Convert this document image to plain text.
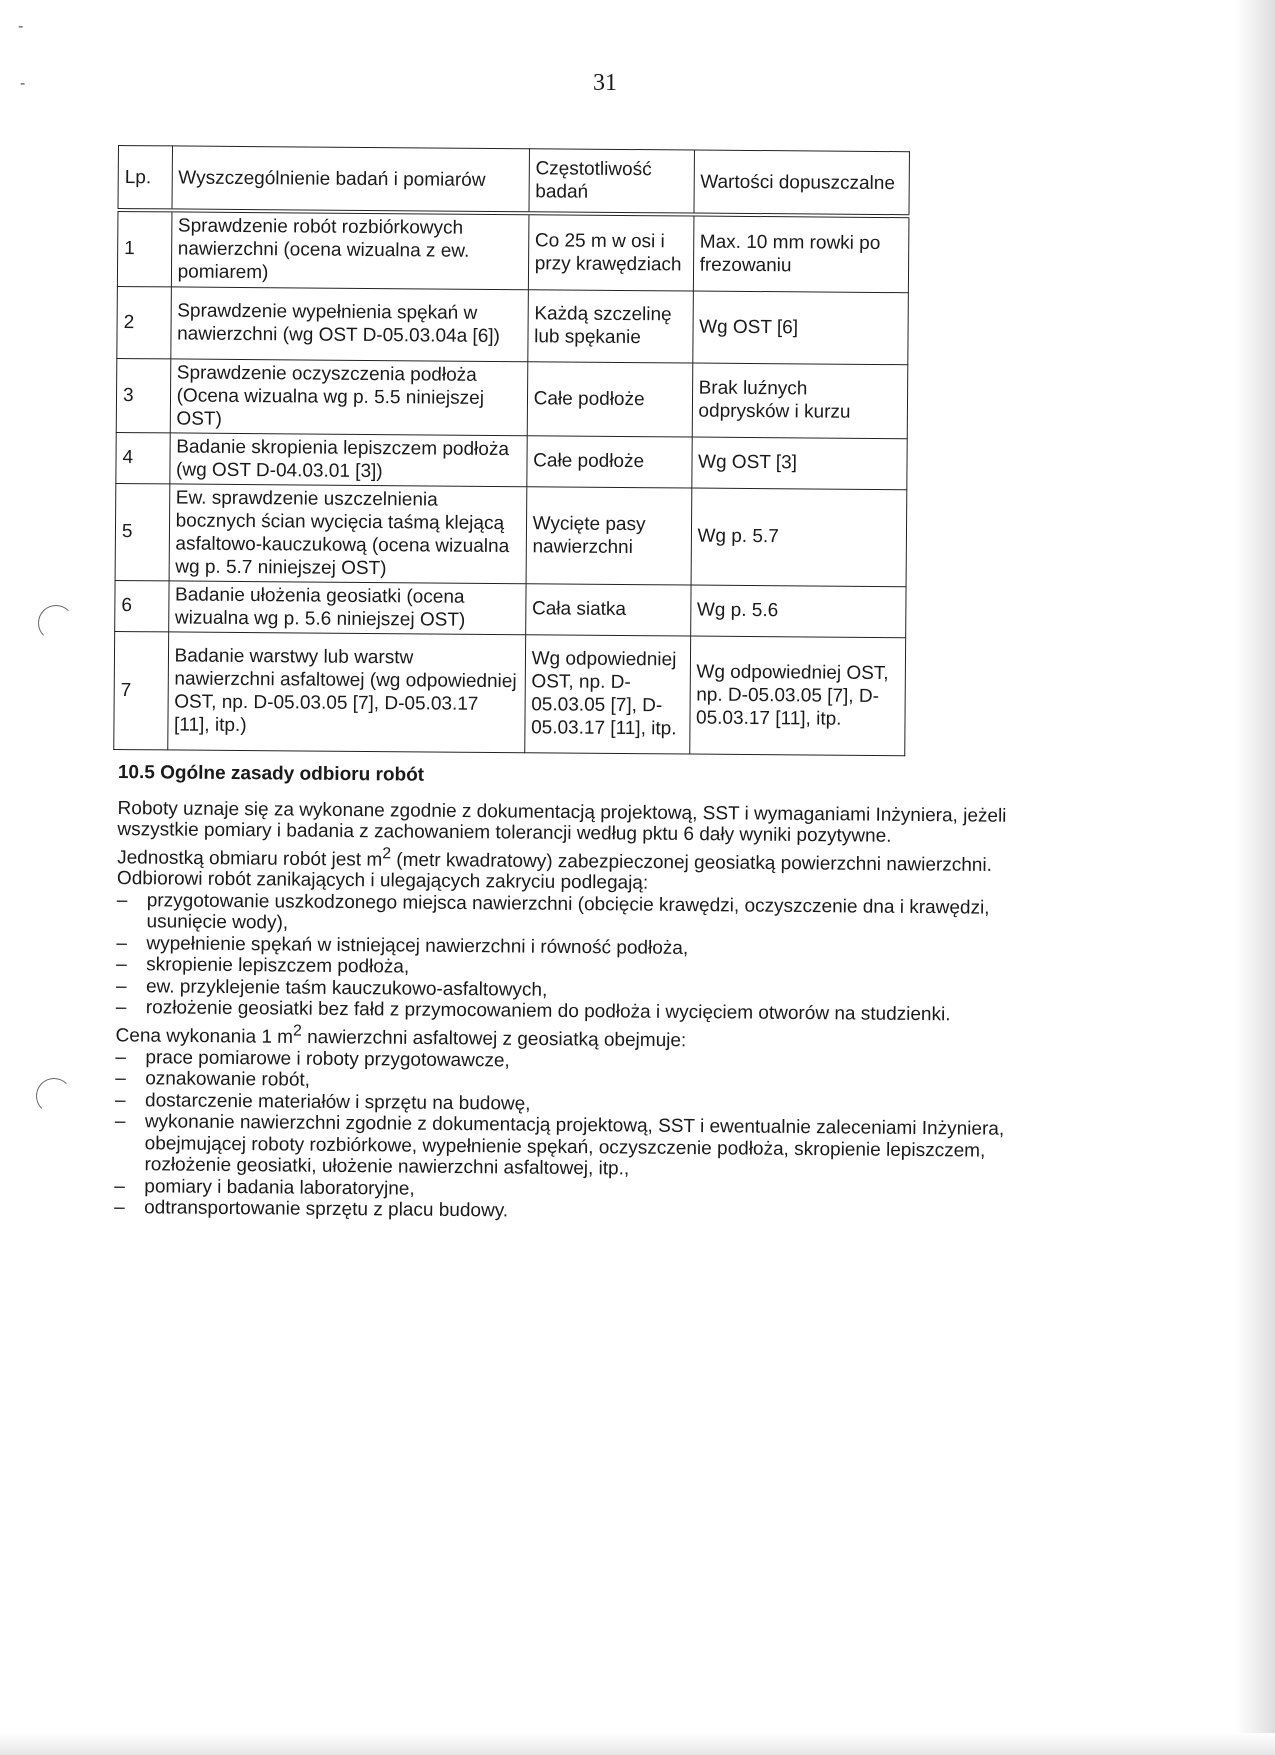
-
-	31
Lp.	Wyszczególnienie badań i pomiarów	Częstotliwość badań	Wartości dopuszczalne
1	Sprawdzenie robót rozbiórkowych nawierzchni (ocena wizualna z ew. pomiarem)	Co 25 m w osi i przy krawędziach	Max. 10 mm rowki po frezowaniu
2	Sprawdzenie wypełnienia spękań w nawierzchni (wg OST D-05.03.04a [6])	Każdą szczelinę lub spękanie	Wg OST [6]
3	Sprawdzenie oczyszczenia podłoża (Ocena wizualna wg p. 5.5 niniejszej OST)	Całe podłoże	Brak luźnych odprysków i kurzu
4	Badanie skropienia lepiszczem podłoża (wg OST D-04.03.01 [3])	Całe podłoże	Wg OST [3]
5	Ew. sprawdzenie uszczelnienia bocznych ścian wycięcia taśmą klejącą asfaltowo-kauczukową (ocena wizualna wg p. 5.7 niniejszej OST)	Wycięte pasy nawierzchni	Wg p. 5.7
6	Badanie ułożenia geosiatki (ocena wizualna wg p. 5.6 niniejszej OST)	Cała siatka	Wg p. 5.6
7	Badanie warstwy lub warstw nawierzchni asfaltowej (wg odpowiedniej OST, np. D-05.03.05 [7], D-05.03.17 [11], itp.)	Wg odpowiedniej OST, np. D-05.03.05 [7], D-05.03.17 [11], itp.	Wg odpowiedniej OST, np. D-05.03.05 [7], D-05.03.17 [11], itp.

10.5 Ogólne zasady odbioru robót

Roboty uznaje się za wykonane zgodnie z dokumentacją projektową, SST i wymaganiami Inżyniera, jeżeli wszystkie pomiary i badania z zachowaniem tolerancji według pktu 6 dały wyniki pozytywne.

Jednostką obmiaru robót jest $m^2$ (metr kwadratowy) zabezpieczonej geosiatką powierzchni nawierzchni.

Odbiorowi robót zanikających i ulegających zakryciu podlegają:

– przygotowanie uszkodzonego miejsca nawierzchni (obcięcie krawędzi, oczyszczenie dna i krawędzi, usunięcie wody),
– wypełnienie spękań w istniejącej nawierzchni i równość podłoża,
– skropienie lepiszczem podłoża,
– ew. przyklejenie taśm kauczukowo-asfaltowych,
– rozłożenie geosiatki bez fałd z przymocowaniem do podłoża i wycięciem otworów na studzienki.

Cena wykonania 1 $m^2$ nawierzchni asfaltowej z geosiatką obejmuje:

– prace pomiarowe i roboty przygotowawcze,
– oznakowanie robót,
– dostarczenie materiałów i sprzętu na budowę,
– wykonanie nawierzchni zgodnie z dokumentacją projektową, SST i ewentualnie zaleceniami Inżyniera, obejmującej roboty rozbiórkowe, wypełnienie spękań, oczyszczenie podłoża, skropienie lepiszczem, rozłożenie geosiatki, ułożenie nawierzchni asfaltowej, itp.,
– pomiary i badania laboratoryjne,
– odtransportowanie sprzętu z placu budowy.
